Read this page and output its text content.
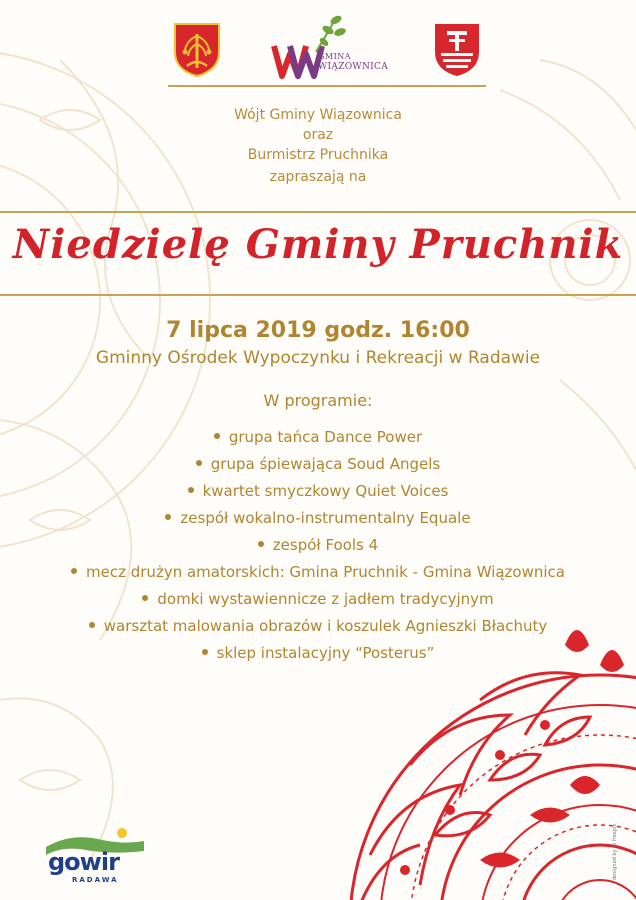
GMINA
WIĄZOWNICA
Wójt Gminy Wiązownica
oraz
Burmistrz Pruchnika
zapraszają na
Niedzielę Gminy Pruchnik
7 lipca 2019 godz. 16:00
Gminny Ośrodek Wypoczynku i Rekreacji w Radawie
W programie:
grupa tańca Dance Power
grupa śpiewająca Soud Angels
kwartet smyczkowy Quiet Voices
zespół wokalno-instrumentalny Equale
zespół Fools 4
mecz drużyn amatorskich: Gmina Pruchnik - Gmina Wiązownica
domki wystawiennicze z jadłem tradycyjnym
warsztat malowania obrazów i koszulek Agnieszki Błachuty
sklep instalacyjny “Posterus”
gowir
RADAWA	designed by ☺ freepik
